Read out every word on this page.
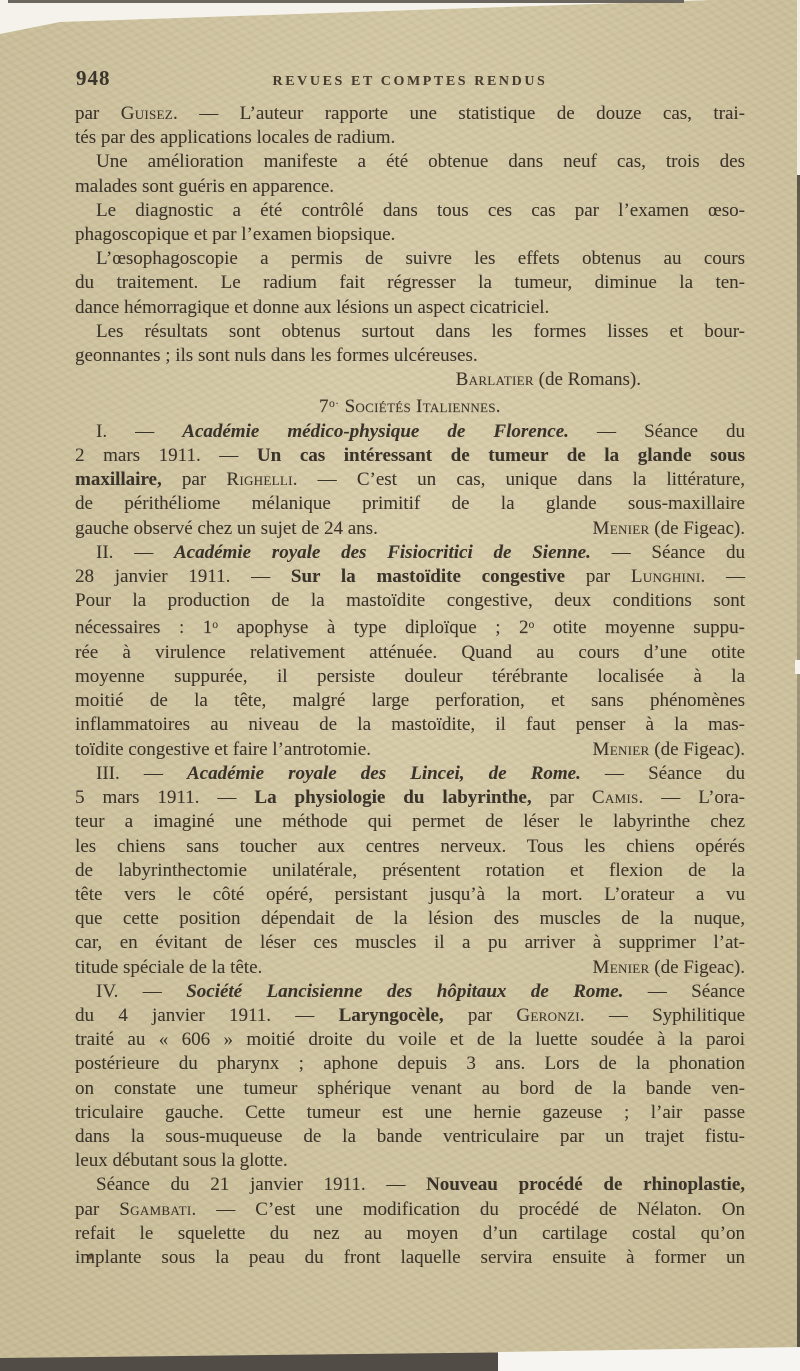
948	REVUES ET COMPTES RENDUS
par Guisez. — L’auteur rapporte une statistique de douze cas, trai-
tés par des applications locales de radium.
Une amélioration manifeste a été obtenue dans neuf cas, trois des
malades sont guéris en apparence.
Le diagnostic a été contrôlé dans tous ces cas par l’examen œso-
phagoscopique et par l’examen biopsique.
L’œsophagoscopie a permis de suivre les effets obtenus au cours
du traitement. Le radium fait régresser la tumeur, diminue la ten-
dance hémorragique et donne aux lésions un aspect cicatriciel.
Les résultats sont obtenus surtout dans les formes lisses et bour-
geonnantes ; ils sont nuls dans les formes ulcéreuses.
Barlatier (de Romans).
$7^{o\cdot}$ Sociétés Italiennes.
I. — Académie médico-physique de Florence. — Séance du
2 mars 1911. — Un cas intéressant de tumeur de la glande sous
maxillaire, par Righelli. — C’est un cas, unique dans la littérature,
de périthéliome mélanique primitif de la glande sous-maxillaire
gauche observé chez un sujet de 24 ans.	Menier (de Figeac).
II. — Académie royale des Fisiocritici de Sienne. — Séance du
28 janvier 1911. — Sur la mastoïdite congestive par Lunghini. —
Pour la production de la mastoïdite congestive, deux conditions sont
nécessaires : 1$^o$ apophyse à type diploïque ; 2$^o$ otite moyenne suppu-
rée à virulence relativement atténuée. Quand au cours d’une otite
moyenne suppurée, il persiste douleur térébrante localisée à la
moitié de la tête, malgré large perforation, et sans phénomènes
inflammatoires au niveau de la mastoïdite, il faut penser à la mas-
toïdite congestive et faire l’antrotomie.	Menier (de Figeac).
III. — Académie royale des Lincei, de Rome. — Séance du
5 mars 1911. — La physiologie du labyrinthe, par Camis. — L’ora-
teur a imaginé une méthode qui permet de léser le labyrinthe chez
les chiens sans toucher aux centres nerveux. Tous les chiens opérés
de labyrinthectomie unilatérale, présentent rotation et flexion de la
tête vers le côté opéré, persistant jusqu’à la mort. L’orateur a vu
que cette position dépendait de la lésion des muscles de la nuque,
car, en évitant de léser ces muscles il a pu arriver à supprimer l’at-
titude spéciale de la tête.	Menier (de Figeac).
IV. — Société Lancisienne des hôpitaux de Rome. — Séance
du 4 janvier 1911. — Laryngocèle, par Geronzi. — Syphilitique
traité au « 606 » moitié droite du voile et de la luette soudée à la paroi
postérieure du pharynx ; aphone depuis 3 ans. Lors de la phonation
on constate une tumeur sphérique venant au bord de la bande ven-
triculaire gauche. Cette tumeur est une hernie gazeuse ; l’air passe
dans la sous-muqueuse de la bande ventriculaire par un trajet fistu-
leux débutant sous la glotte.
Séance du 21 janvier 1911. — Nouveau procédé de rhinoplastie,
par Sgambati. — C’est une modification du procédé de Nélaton. On
refait le squelette du nez au moyen d’un cartilage costal qu’on
implante sous la peau du front laquelle servira ensuite à former un
